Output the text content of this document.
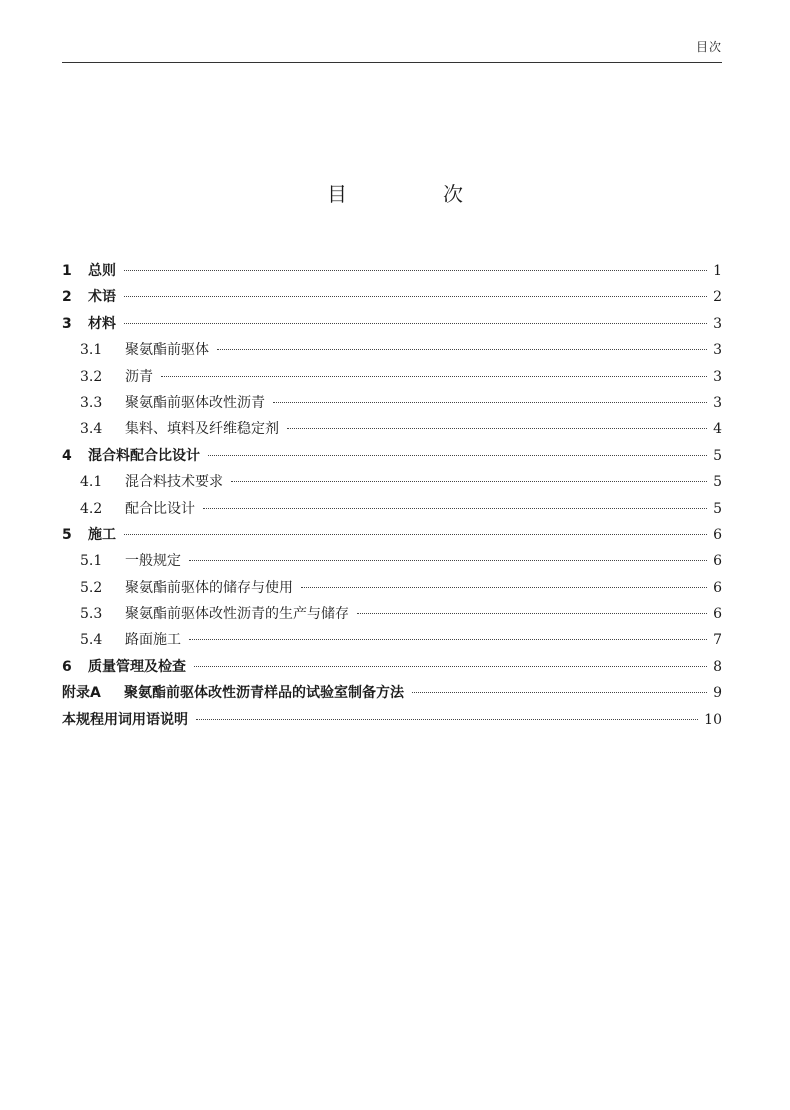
目次
目　次
1	总则	1
2	术语	2
3	材料	3
3.1	聚氨酯前驱体	3
3.2	沥青	3
3.3	聚氨酯前驱体改性沥青	3
3.4	集料、填料及纤维稳定剂	4
4	混合料配合比设计	5
4.1	混合料技术要求	5
4.2	配合比设计	5
5	施工	6
5.1	一般规定	6
5.2	聚氨酯前驱体的储存与使用	6
5.3	聚氨酯前驱体改性沥青的生产与储存	6
5.4	路面施工	7
6	质量管理及检查	8
附录A	聚氨酯前驱体改性沥青样品的试验室制备方法	9
本规程用词用语说明	10
